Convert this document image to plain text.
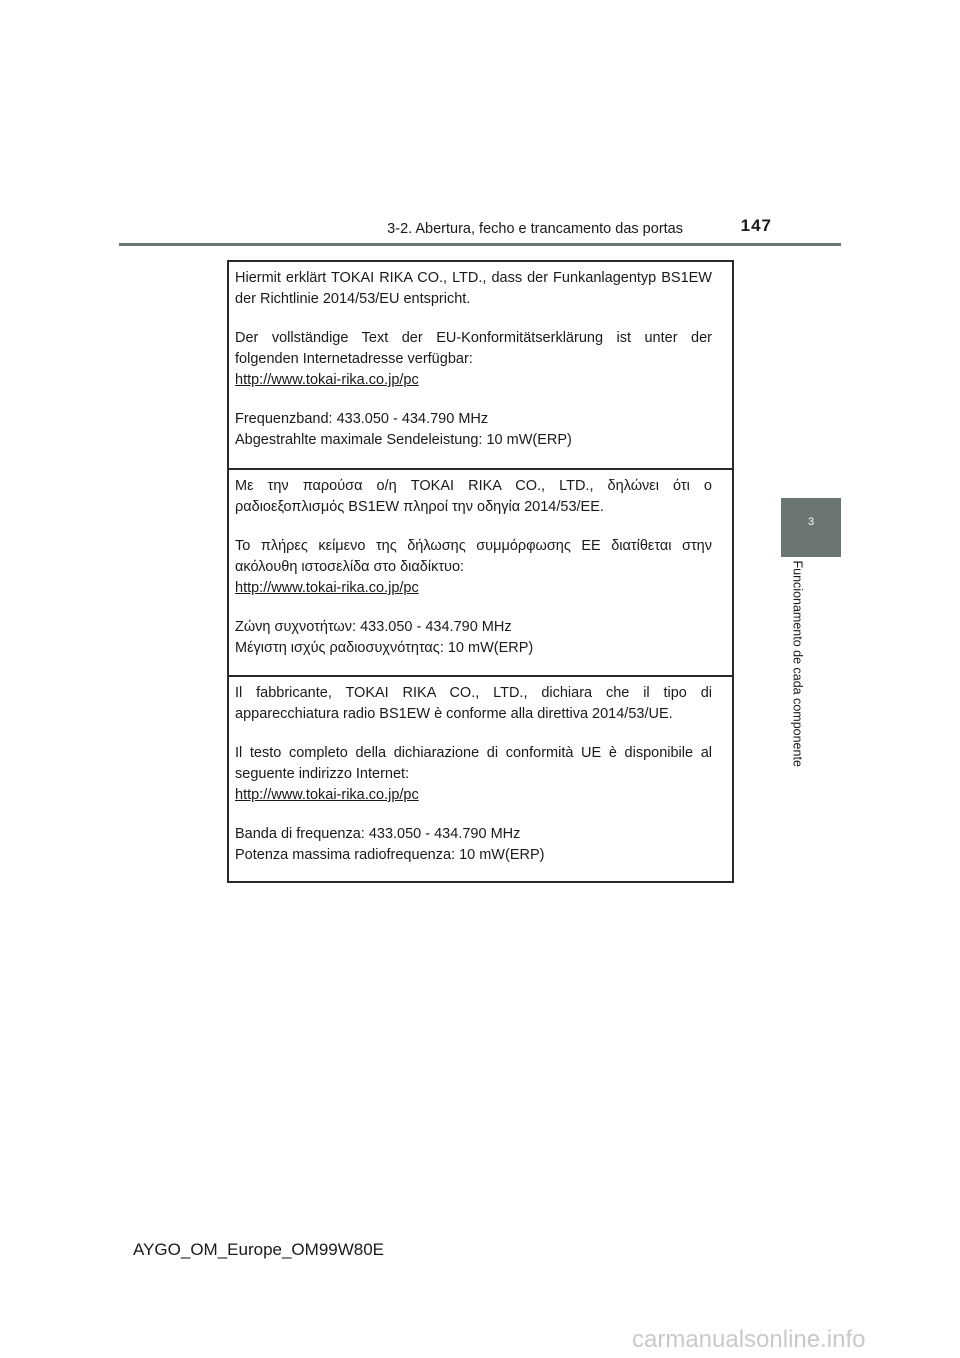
3-2. Abertura, fecho e trancamento das portas	147
3
Funcionamento de cada componente

Hiermit erklärt TOKAI RIKA CO., LTD., dass der Funkanlagentyp BS1EW der Richtlinie 2014/53/EU entspricht.

Der vollständige Text der EU-Konformitätserklärung ist unter der folgenden Internetadresse verfügbar:

http://www.tokai-rika.co.jp/pc

Frequenzband: 433.050 - 434.790 MHz

Abgestrahlte maximale Sendeleistung: 10 mW(ERP)

Με την παρούσα ο/η TOKAI RIKA CO., LTD., δηλώνει ότι ο ραδιοεξοπλισμός BS1EW πληροί την οδηγία 2014/53/ΕΕ.

Το πλήρες κείμενο της δήλωσης συμμόρφωσης ΕΕ διατίθεται στην ακόλουθη ιστοσελίδα στο διαδίκτυο:

http://www.tokai-rika.co.jp/pc

Ζώνη συχνοτήτων: 433.050 - 434.790 MHz

Μέγιστη ισχύς ραδιοσυχνότητας: 10 mW(ERP)

Il fabbricante, TOKAI RIKA CO., LTD., dichiara che il tipo di apparecchiatura radio BS1EW è conforme alla direttiva 2014/53/UE.

Il testo completo della dichiarazione di conformità UE è disponibile al seguente indirizzo Internet:

http://www.tokai-rika.co.jp/pc

Banda di frequenza: 433.050 - 434.790 MHz

Potenza massima radiofrequenza: 10 mW(ERP)

AYGO_OM_Europe_OM99W80E
carmanualsonline.info
